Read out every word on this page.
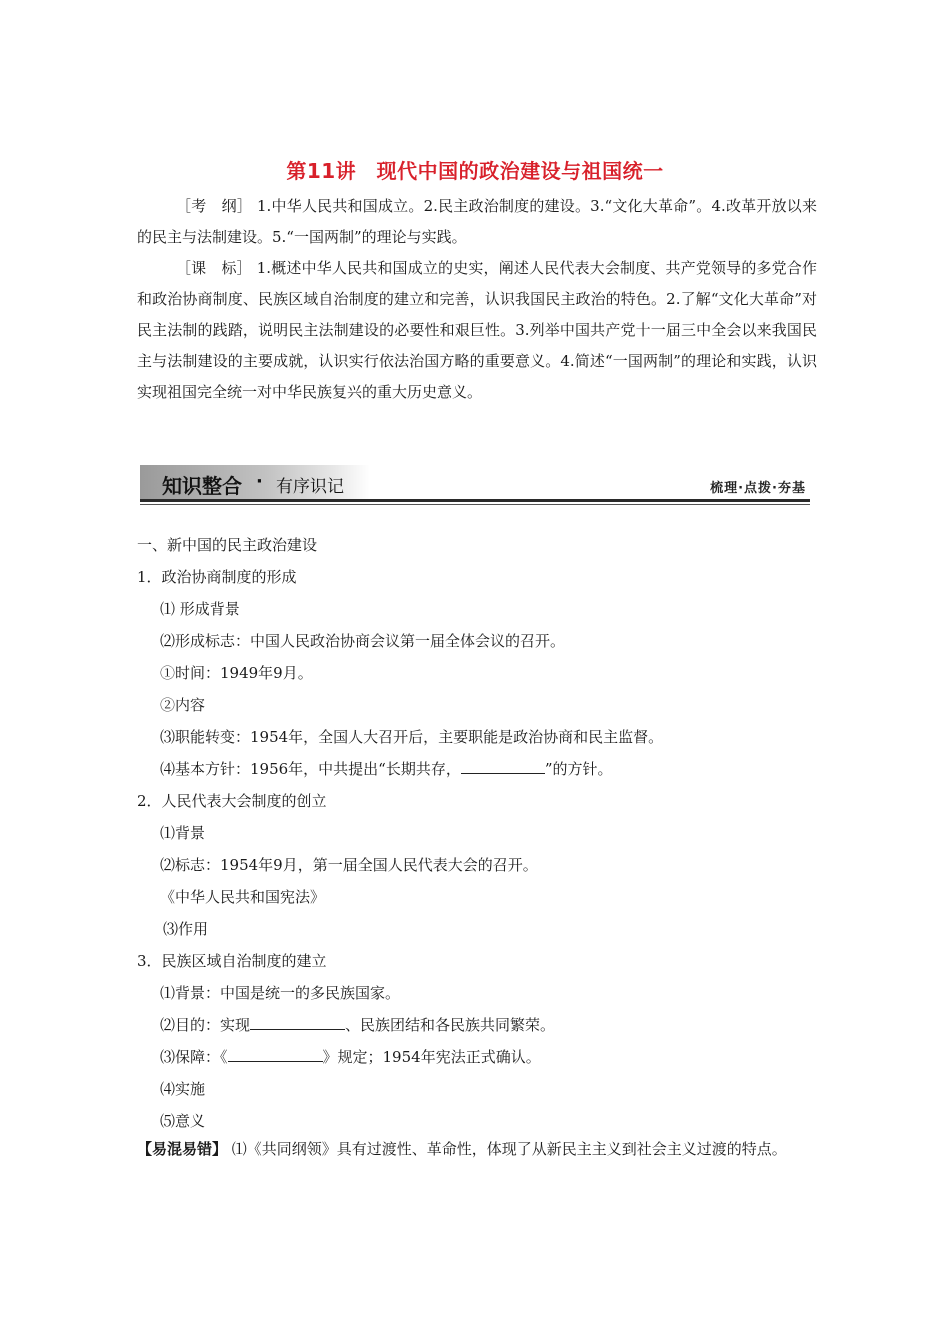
第11讲　现代中国的政治建设与祖国统一

［考　纲］ 1.中华人民共和国成立。2.民主政治制度的建设。3.“文化大革命”。4.改革开放以来的民主与法制建设。5.“一国两制”的理论与实践。

［课　标］ 1.概述中华人民共和国成立的史实，阐述人民代表大会制度、共产党领导的多党合作和政治协商制度、民族区域自治制度的建立和完善，认识我国民主政治的特色。2.了解“文化大革命”对民主法制的践踏，说明民主法制建设的必要性和艰巨性。3.列举中国共产党十一届三中全会以来我国民主与法制建设的主要成就，认识实行依法治国方略的重要意义。4.简述“一国两制”的理论和实践，认识实现祖国完全统一对中华民族复兴的重大历史意义。

知识整合 · 有序识记	梳理·点拨·夯基

一、新中国的民主政治建设

1．政治协商制度的形成

⑴ 形成背景

⑵形成标志：中国人民政治协商会议第一届全体会议的召开。

①时间：1949年9月。

②内容

⑶职能转变：1954年，全国人大召开后，主要职能是政治协商和民主监督。

⑷基本方针：1956年，中共提出“长期共存，	”的方针。

2．人民代表大会制度的创立

⑴背景

⑵标志：1954年9月，第一届全国人民代表大会的召开。

《中华人民共和国宪法》

⑶作用

3．民族区域自治制度的建立

⑴背景：中国是统一的多民族国家。

⑵目的：实现	、民族团结和各民族共同繁荣。

⑶保障：《	》规定；1954年宪法正式确认。

⑷实施

⑸意义

【易混易错】 ⑴《共同纲领》具有过渡性、革命性，体现了从新民主主义到社会主义过渡的特点。
